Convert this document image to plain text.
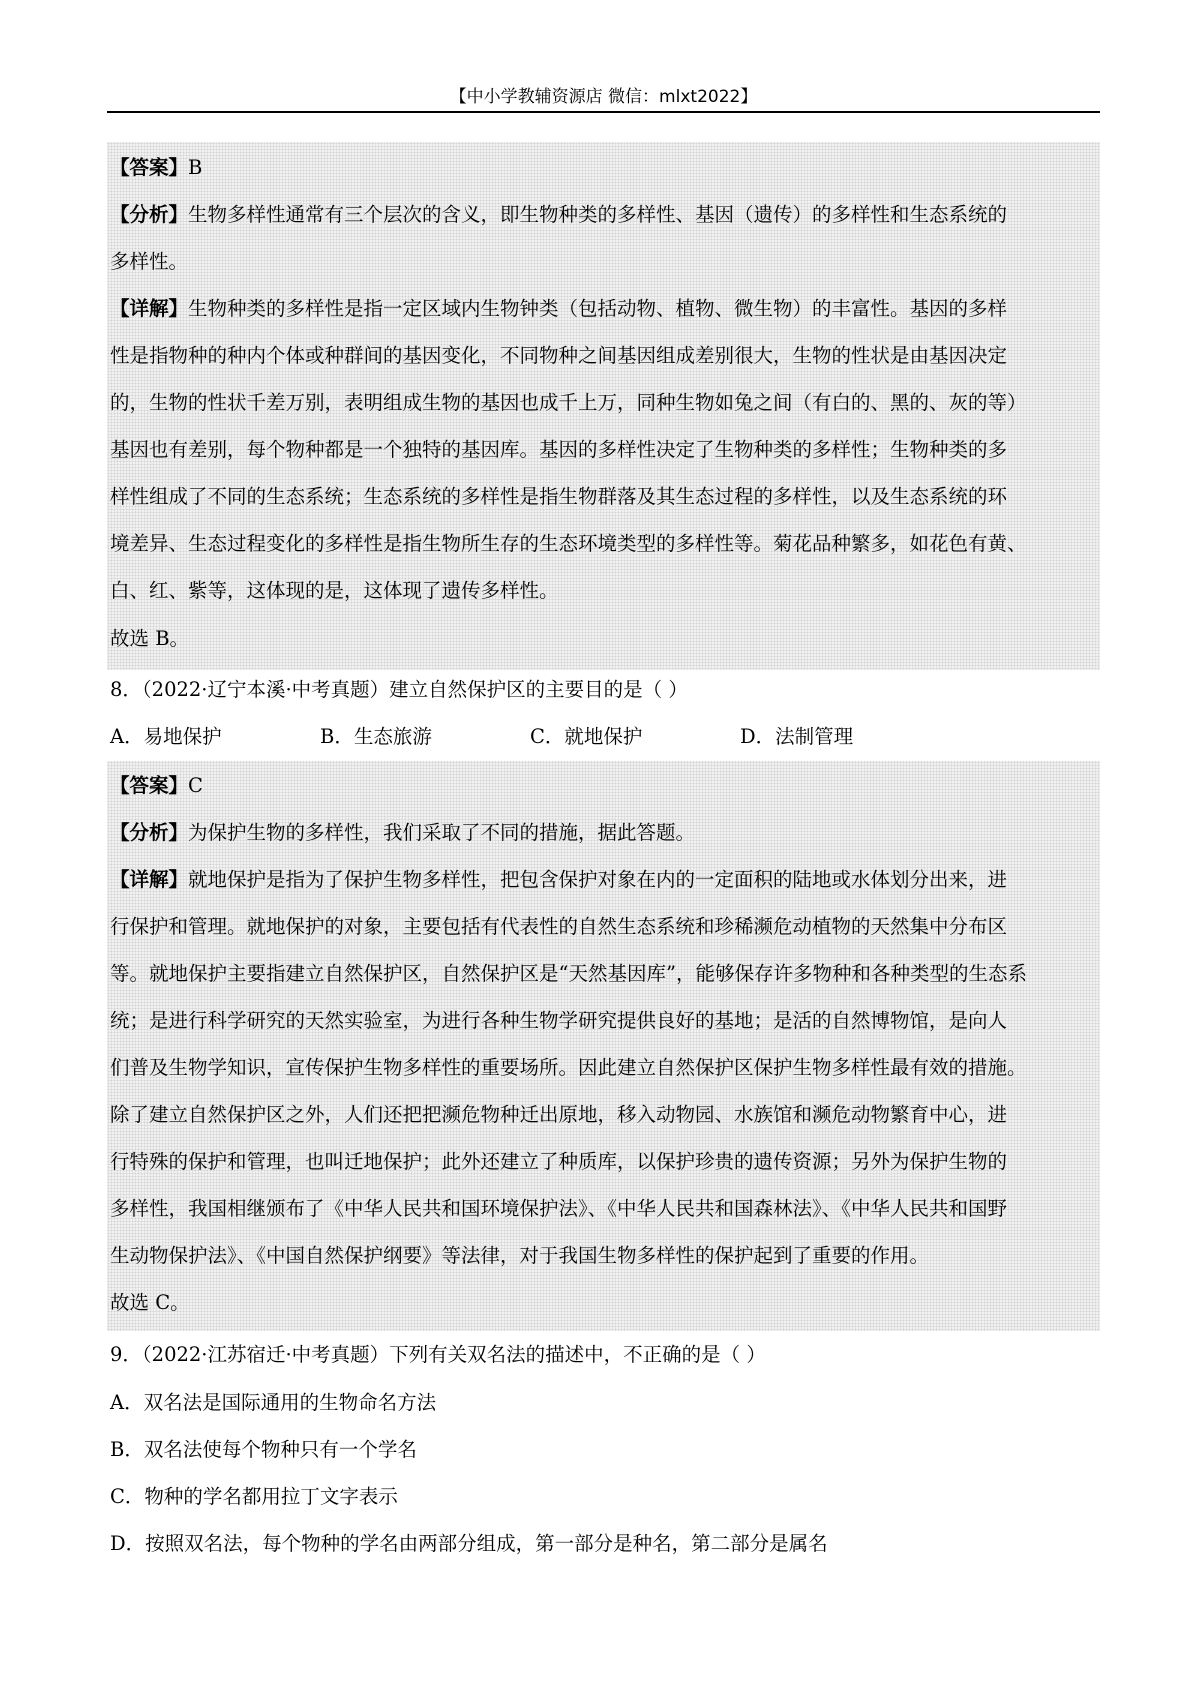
【中小学教辅资源店 微信：mlxt2022】
【答案】B
【分析】生物多样性通常有三个层次的含义，即生物种类的多样性、基因（遗传）的多样性和生态系统的
多样性。
【详解】生物种类的多样性是指一定区域内生物钟类（包括动物、植物、微生物）的丰富性。基因的多样
性是指物种的种内个体或种群间的基因变化，不同物种之间基因组成差别很大，生物的性状是由基因决定
的，生物的性状千差万别，表明组成生物的基因也成千上万，同种生物如兔之间（有白的、黑的、灰的等）
基因也有差别，每个物种都是一个独特的基因库。基因的多样性决定了生物种类的多样性；生物种类的多
样性组成了不同的生态系统；生态系统的多样性是指生物群落及其生态过程的多样性，以及生态系统的环
境差异、生态过程变化的多样性是指生物所生存的生态环境类型的多样性等。菊花品种繁多，如花色有黄、
白、红、紫等，这体现的是，这体现了遗传多样性。
故选 B。
8．（2022·辽宁本溪·中考真题）建立自然保护区的主要目的是（ ）
A．易地保护	B．生态旅游	C．就地保护	D．法制管理
【答案】C
【分析】为保护生物的多样性，我们采取了不同的措施，据此答题。
【详解】就地保护是指为了保护生物多样性，把包含保护对象在内的一定面积的陆地或水体划分出来，进
行保护和管理。就地保护的对象，主要包括有代表性的自然生态系统和珍稀濒危动植物的天然集中分布区
等。就地保护主要指建立自然保护区，自然保护区是“天然基因库”，能够保存许多物种和各种类型的生态系
统；是进行科学研究的天然实验室，为进行各种生物学研究提供良好的基地；是活的自然博物馆，是向人
们普及生物学知识，宣传保护生物多样性的重要场所。因此建立自然保护区保护生物多样性最有效的措施。
除了建立自然保护区之外，人们还把把濒危物种迁出原地，移入动物园、水族馆和濒危动物繁育中心，进
行特殊的保护和管理，也叫迁地保护；此外还建立了种质库，以保护珍贵的遗传资源；另外为保护生物的
多样性，我国相继颁布了《中华人民共和国环境保护法》、《中华人民共和国森林法》、《中华人民共和国野
生动物保护法》、《中国自然保护纲要》等法律，对于我国生物多样性的保护起到了重要的作用。
故选 C。
9．（2022·江苏宿迁·中考真题）下列有关双名法的描述中，不正确的是（ ）
A．双名法是国际通用的生物命名方法
B．双名法使每个物种只有一个学名
C．物种的学名都用拉丁文字表示
D．按照双名法，每个物种的学名由两部分组成，第一部分是种名，第二部分是属名
